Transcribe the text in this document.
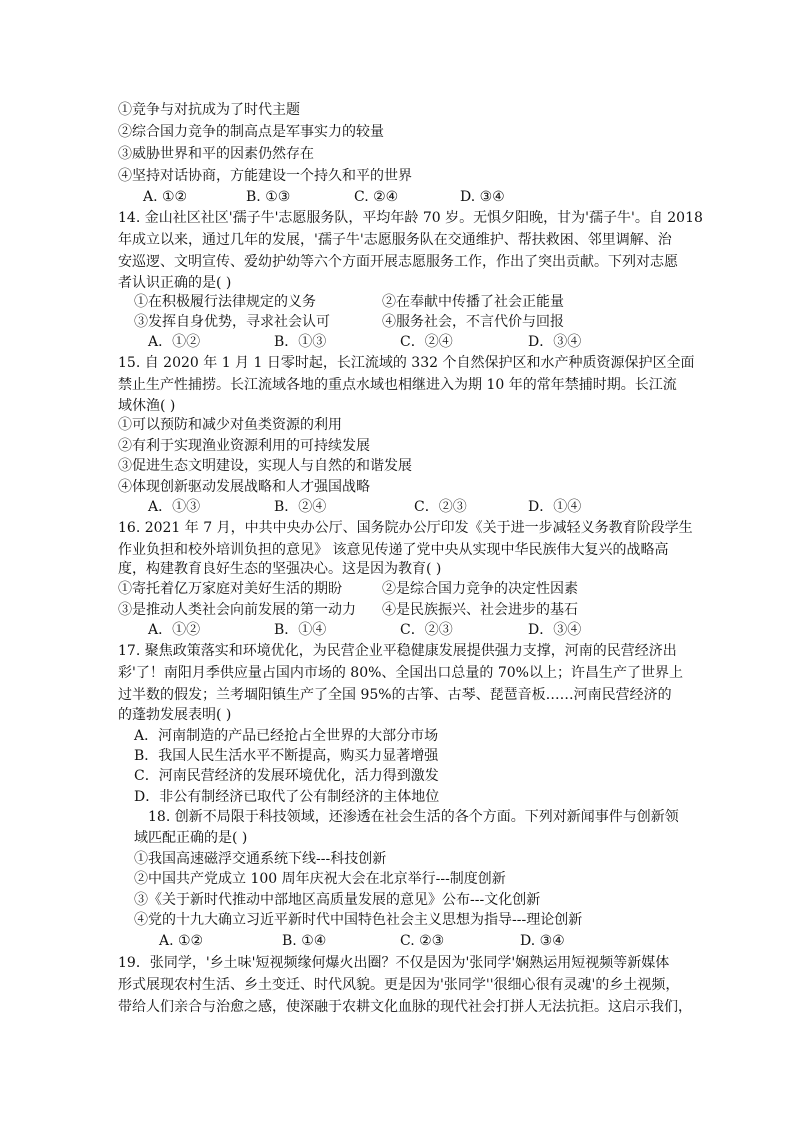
①竞争与对抗成为了时代主题
②综合国力竞争的制高点是军事实力的较量
③威胁世界和平的因素仍然存在
④坚持对话协商，方能建设一个持久和平的世界
A. ①②	B. ①③	C. ②④	D. ③④
14. 金山社区社区'孺子牛'志愿服务队，平均年龄 70 岁。无惧夕阳晚，甘为'孺子牛'。自 2018
年成立以来，通过几年的发展，'孺子牛'志愿服务队在交通维护、帮扶救困、邻里调解、治
安巡逻、文明宣传、爱幼护幼等六个方面开展志愿服务工作，作出了突出贡献。下列对志愿
者认识正确的是( )
①在积极履行法律规定的义务	②在奉献中传播了社会正能量
③发挥自身优势，寻求社会认可	④服务社会，不言代价与回报
A．①②	B．①③	C．②④	D．③④
15. 自 2020 年 1 月 1 日零时起，长江流域的 332 个自然保护区和水产种质资源保护区全面
禁止生产性捕捞。长江流域各地的重点水域也相继进入为期 10 年的常年禁捕时期。长江流
域休渔( )
①可以预防和减少对鱼类资源的利用
②有利于实现渔业资源利用的可持续发展
③促进生态文明建设，实现人与自然的和谐发展
④体现创新驱动发展战略和人才强国战略
A．①③	B．②④	C．②③	D．①④
16. 2021 年 7 月，中共中央办公厅、国务院办公厅印发《关于进一步减轻义务教育阶段学生
作业负担和校外培训负担的意见》 该意见传递了党中央从实现中华民族伟大复兴的战略高
度，构建教育良好生态的坚强决心。这是因为教育( )
①寄托着亿万家庭对美好生活的期盼	②是综合国力竞争的决定性因素
③是推动人类社会向前发展的第一动力 ④是民族振兴、社会进步的基石
A．①②	B．①④	C．②③	D．③④
17. 聚焦政策落实和环境优化，为民营企业平稳健康发展提供强力支撑，河南的民营经济出
彩'了！南阳月季供应量占国内市场的 80%、全国出口总量的 70%以上；许昌生产了世界上
过半数的假发；兰考堌阳镇生产了全国 95%的古筝、古琴、琵琶音板……河南民营经济的
的蓬勃发展表明( )
A．河南制造的产品已经抢占全世界的大部分市场
B．我国人民生活水平不断提高，购买力显著增强
C．河南民营经济的发展环境优化，活力得到激发
D．非公有制经济已取代了公有制经济的主体地位
18. 创新不局限于科技领域，还渗透在社会生活的各个方面。下列对新闻事件与创新领
域匹配正确的是( )
①我国高速磁浮交通系统下线---科技创新
②中国共产党成立 100 周年庆祝大会在北京举行---制度创新
③《关于新时代推动中部地区高质量发展的意见》公布---文化创新
④党的十九大确立习近平新时代中国特色社会主义思想为指导---理论创新
A. ①②	B. ①④	C. ②③	D. ③④
19．张同学，'乡土味'短视频缘何爆火出圈？不仅是因为'张同学'娴熟运用短视频等新媒体
形式展现农村生活、乡土变迁、时代风貌。更是因为'张同学''很细心很有灵魂'的乡土视频，
带给人们亲合与治愈之感，使深融于农耕文化血脉的现代社会打拼人无法抗拒。这启示我们，
